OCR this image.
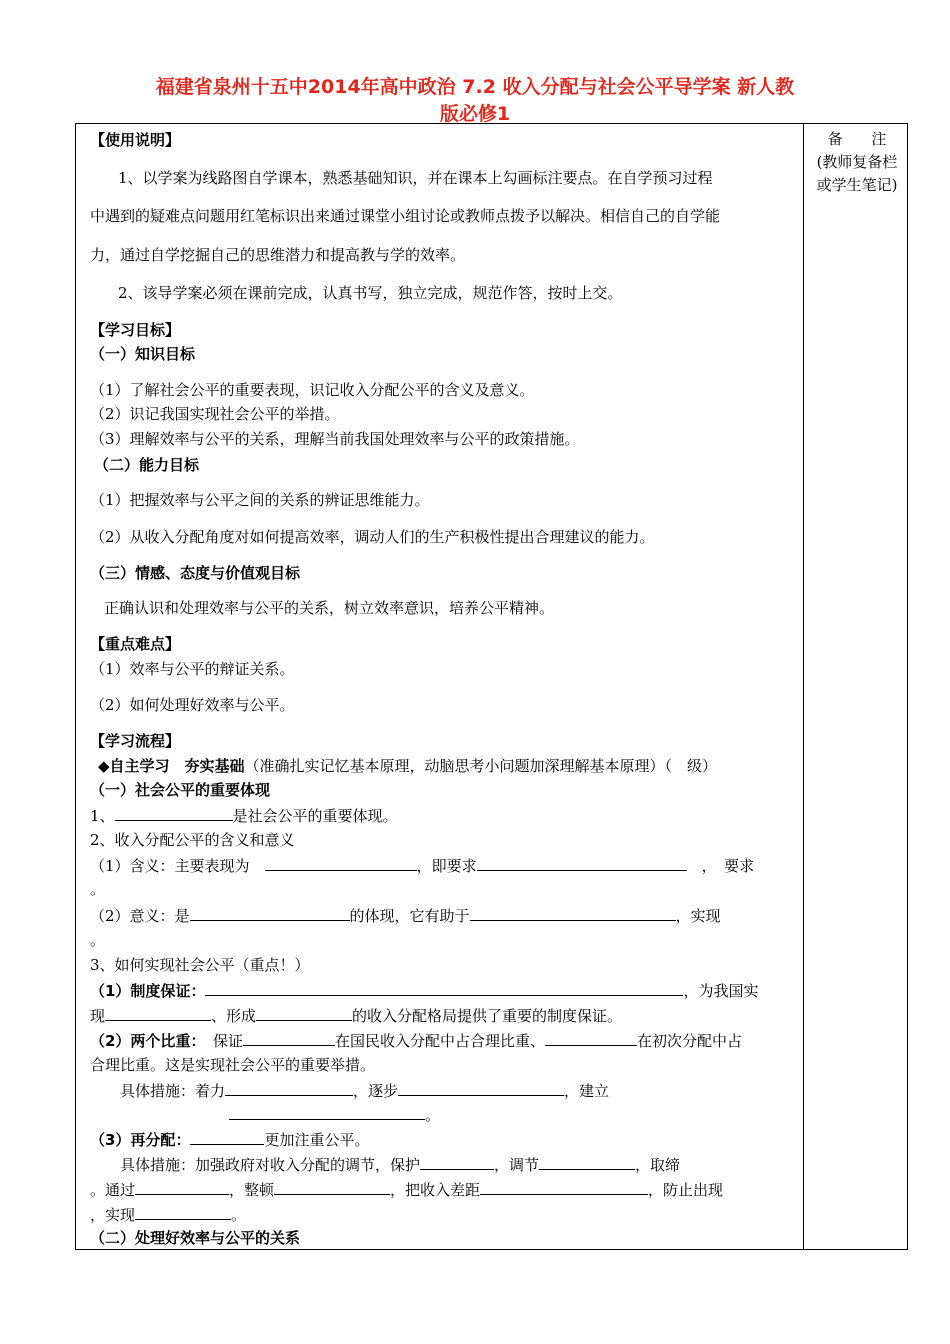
福建省泉州十五中2014年高中政治 7.2 收入分配与社会公平导学案 新人教
版必修1
备 注
(教师复备栏或学生笔记)
【使用说明】
1、以学案为线路图自学课本，熟悉基础知识，并在课本上勾画标注要点。在自学预习过程
中遇到的疑难点问题用红笔标识出来通过课堂小组讨论或教师点拨予以解决。相信自己的自学能
力，通过自学挖掘自己的思维潜力和提高教与学的效率。
2、该导学案必须在课前完成，认真书写，独立完成，规范作答，按时上交。
【学习目标】
（一）知识目标
（1）了解社会公平的重要表现，识记收入分配公平的含义及意义。
（2）识记我国实现社会公平的举措。
（3）理解效率与公平的关系，理解当前我国处理效率与公平的政策措施。
（二）能力目标
（1）把握效率与公平之间的关系的辨证思维能力。
（2）从收入分配角度对如何提高效率，调动人们的生产积极性提出合理建议的能力。
（三）情感、态度与价值观目标
正确认识和处理效率与公平的关系，树立效率意识，培养公平精神。
【重点难点】
（1）效率与公平的辩证关系。
（2）如何处理好效率与公平。
【学习流程】
◆自主学习　夯实基础（准确扎实记忆基本原理，动脑思考小问题加深理解基本原理）（　级）
（一）社会公平的重要体现
1、	是社会公平的重要体现。
2、收入分配公平的含义和意义
（1）含义：主要表现为　	，即要求　	，　要求
。
（2）意义：是	的体现，它有助于	，实现
。
3、如何实现社会公平（重点！）
（1）制度保证：	，为我国实
现	、形成	的收入分配格局提供了重要的制度保证。
（2）两个比重：　 保证	在国民收入分配中占合理比重、	在初次分配中占
合理比重。这是实现社会公平的重要举措。
具体措施：着力	，逐步	，建立
。
（3）再分配：	更加注重公平。
具体措施：加强政府对收入分配的调节，保护	，调节	，取缔
。通过	，整顿	，把收入差距	，防止出现
，实现	。
（二）处理好效率与公平的关系
